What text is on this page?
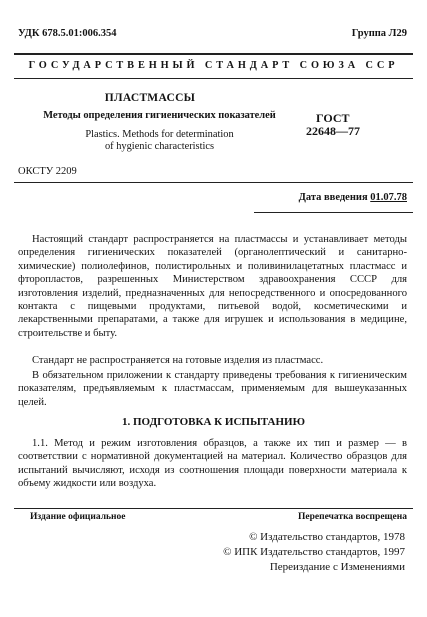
УДК 678.5.01:006.354	Группа Л29
ГОСУДАРСТВЕННЫЙ СТАНДАРТ СОЮЗА ССР
ПЛАСТМАССЫ
Методы определения гигиенических показателей
Plastics. Methods for determination
of hygienic characteristics
ГОСТ
22648—77
ОКСТУ 2209
Дата введения 01.07.78

Настоящий стандарт распространяется на пластмассы и устанавливает методы определения гигиенических показателей (органолептический и санитарно-химические) полиолефинов, полистирольных и поливинилацетатных пластмасс и фторопластов, разрешенных Министерством здравоохранения СССР для изготовления изделий, предназначенных для непосредственного и опосредованного контакта с пищевыми продуктами, питьевой водой, косметическими и лекарственными препаратами, а также для игрушек и использования в медицине, строительстве и быту.

Стандарт не распространяется на готовые изделия из пластмасс.

В обязательном приложении к стандарту приведены требования к гигиеническим показателям, предъявляемым к пластмассам, применяемым для вышеуказанных целей.

1. ПОДГОТОВКА К ИСПЫТАНИЮ

1.1. Метод и режим изготовления образцов, а также их тип и размер — в соответствии с нормативной документацией на материал. Количество образцов для испытаний вычисляют, исходя из соотношения площади поверхности материала к объему жидкости или воздуха.

Издание официальное	Перепечатка воспрещена
© Издательство стандартов, 1978
© ИПК Издательство стандартов, 1997
Переиздание с Изменениями
